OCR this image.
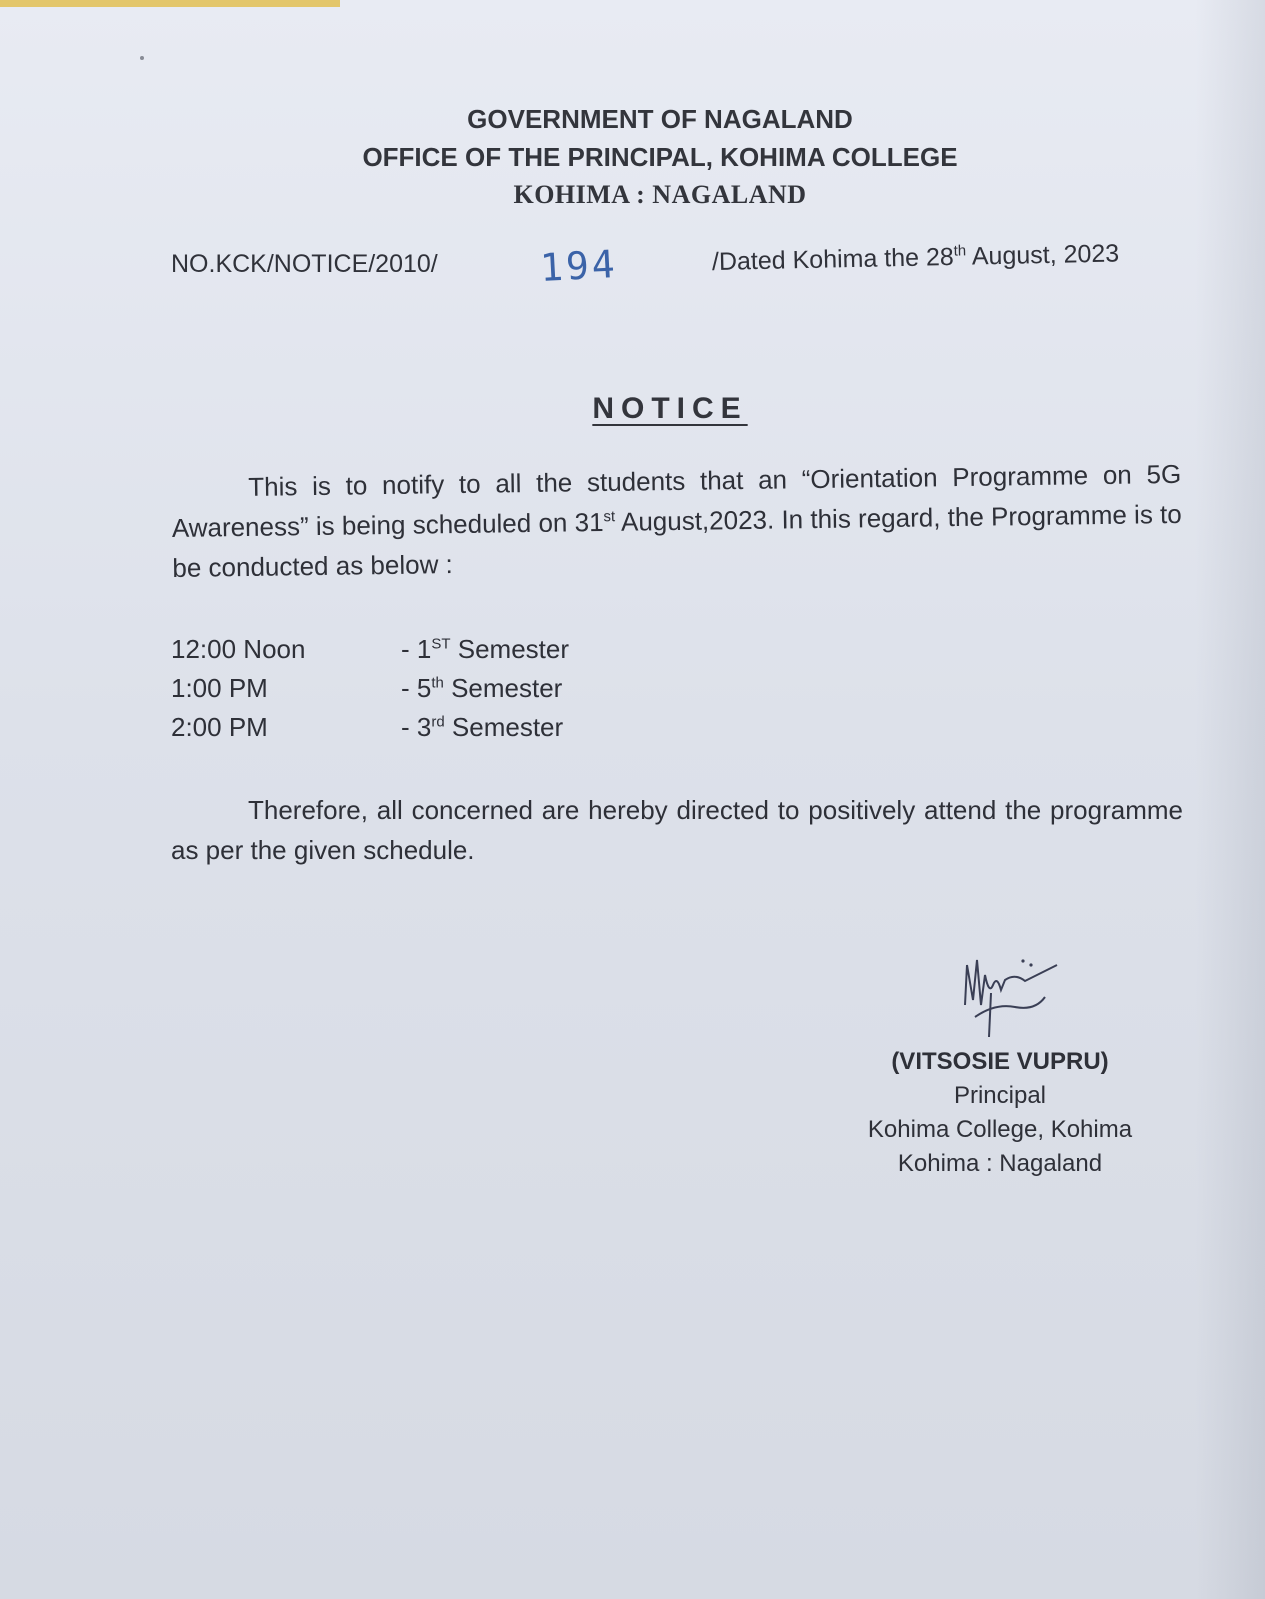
GOVERNMENT OF NAGALAND
OFFICE OF THE PRINCIPAL, KOHIMA COLLEGE
KOHIMA : NAGALAND
NO.KCK/NOTICE/2010/	194	/Dated Kohima the 28th August, 2023
NOTICE
This is to notify to all the students that an “Orientation Programme on 5G Awareness” is being scheduled on 31st August,2023. In this regard, the Programme is to be conducted as below :
12:00 Noon	- 1ST Semester
1:00 PM	- 5th Semester
2:00 PM	- 3rd Semester
Therefore, all concerned are hereby directed to positively attend the programme as per the given schedule.
(VITSOSIE VUPRU)
Principal
Kohima College, Kohima
Kohima : Nagaland
